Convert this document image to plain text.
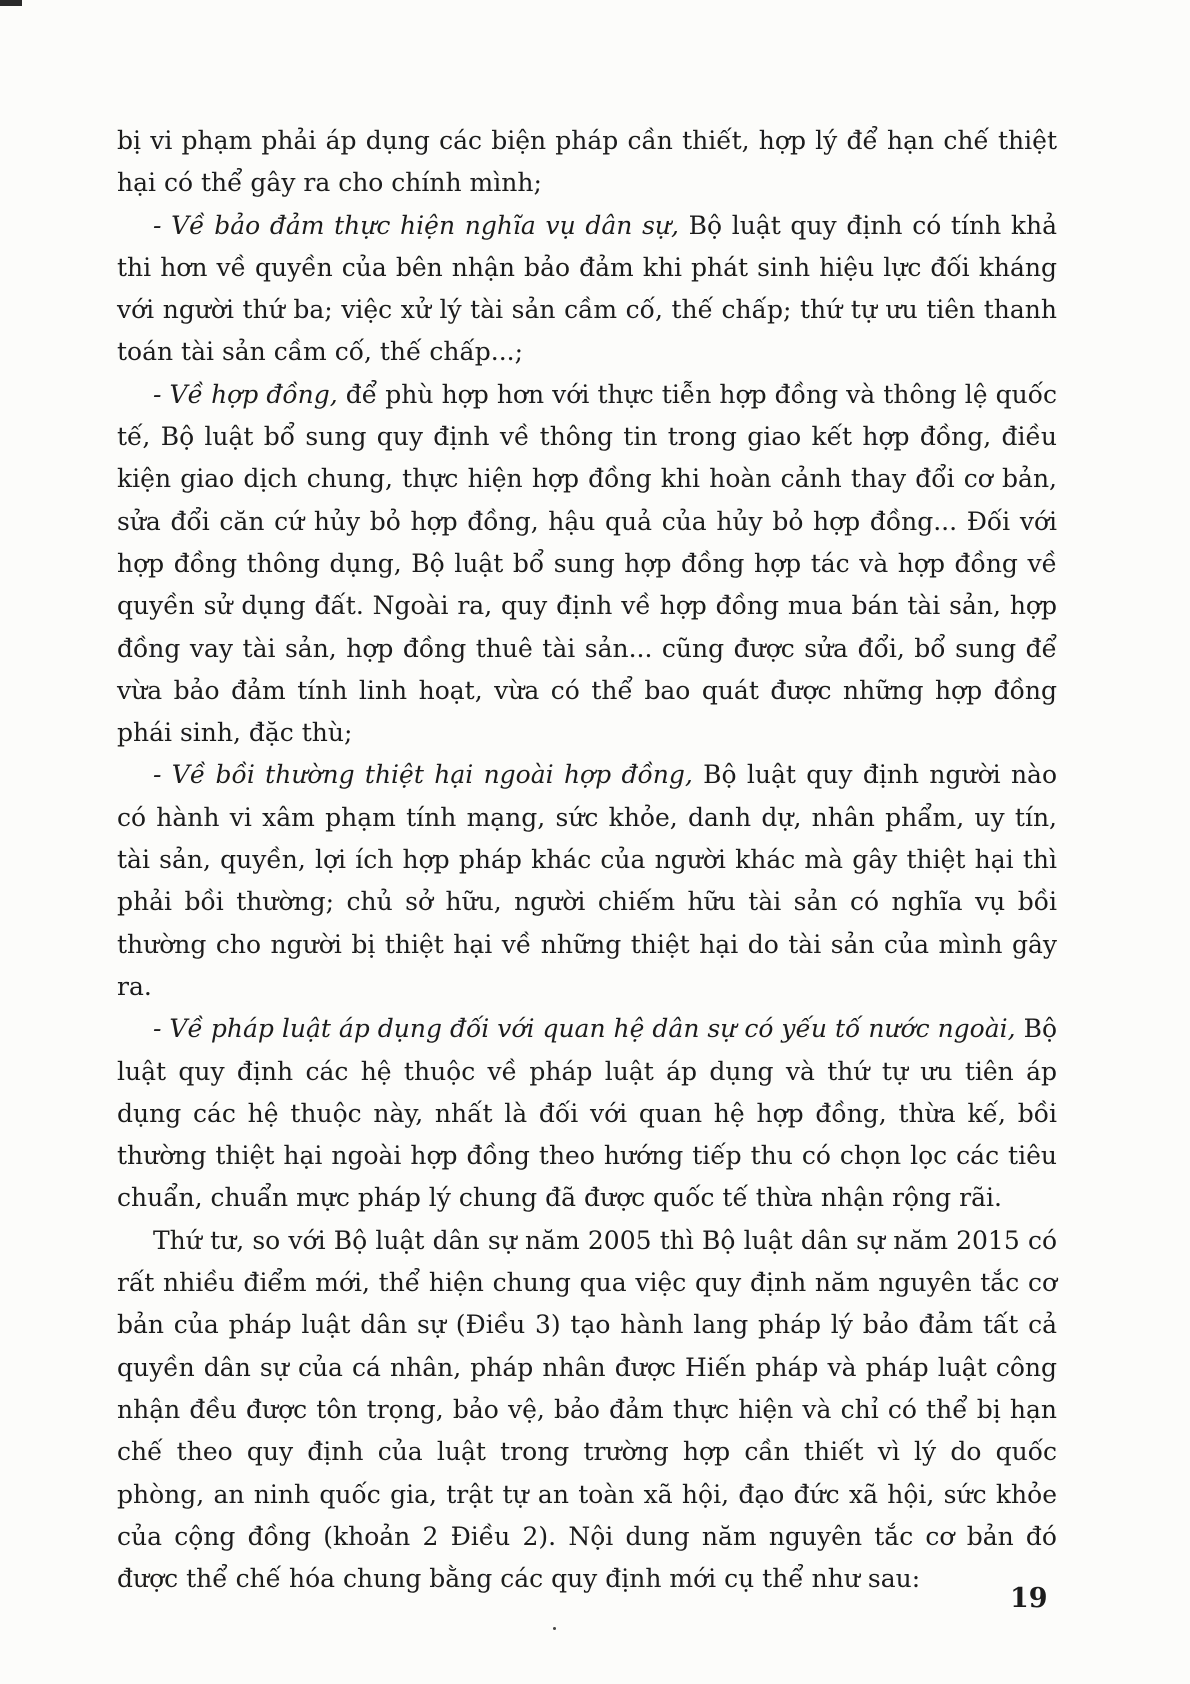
bị vi phạm phải áp dụng các biện pháp cần thiết, hợp lý để hạn chế thiệt hại có thể gây ra cho chính mình;

- Về bảo đảm thực hiện nghĩa vụ dân sự, Bộ luật quy định có tính khả thi hơn về quyền của bên nhận bảo đảm khi phát sinh hiệu lực đối kháng với người thứ ba; việc xử lý tài sản cầm cố, thế chấp; thứ tự ưu tiên thanh toán tài sản cầm cố, thế chấp...;

- Về hợp đồng, để phù hợp hơn với thực tiễn hợp đồng và thông lệ quốc tế, Bộ luật bổ sung quy định về thông tin trong giao kết hợp đồng, điều kiện giao dịch chung, thực hiện hợp đồng khi hoàn cảnh thay đổi cơ bản, sửa đổi căn cứ hủy bỏ hợp đồng, hậu quả của hủy bỏ hợp đồng... Đối với hợp đồng thông dụng, Bộ luật bổ sung hợp đồng hợp tác và hợp đồng về quyền sử dụng đất. Ngoài ra, quy định về hợp đồng mua bán tài sản, hợp đồng vay tài sản, hợp đồng thuê tài sản... cũng được sửa đổi, bổ sung để vừa bảo đảm tính linh hoạt, vừa có thể bao quát được những hợp đồng phái sinh, đặc thù;

- Về bồi thường thiệt hại ngoài hợp đồng, Bộ luật quy định người nào có hành vi xâm phạm tính mạng, sức khỏe, danh dự, nhân phẩm, uy tín, tài sản, quyền, lợi ích hợp pháp khác của người khác mà gây thiệt hại thì phải bồi thường; chủ sở hữu, người chiếm hữu tài sản có nghĩa vụ bồi thường cho người bị thiệt hại về những thiệt hại do tài sản của mình gây ra.

- Về pháp luật áp dụng đối với quan hệ dân sự có yếu tố nước ngoài, Bộ luật quy định các hệ thuộc về pháp luật áp dụng và thứ tự ưu tiên áp dụng các hệ thuộc này, nhất là đối với quan hệ hợp đồng, thừa kế, bồi thường thiệt hại ngoài hợp đồng theo hướng tiếp thu có chọn lọc các tiêu chuẩn, chuẩn mực pháp lý chung đã được quốc tế thừa nhận rộng rãi.

Thứ tư, so với Bộ luật dân sự năm 2005 thì Bộ luật dân sự năm 2015 có rất nhiều điểm mới, thể hiện chung qua việc quy định năm nguyên tắc cơ bản của pháp luật dân sự (Điều 3) tạo hành lang pháp lý bảo đảm tất cả quyền dân sự của cá nhân, pháp nhân được Hiến pháp và pháp luật công nhận đều được tôn trọng, bảo vệ, bảo đảm thực hiện và chỉ có thể bị hạn chế theo quy định của luật trong trường hợp cần thiết vì lý do quốc phòng, an ninh quốc gia, trật tự an toàn xã hội, đạo đức xã hội, sức khỏe của cộng đồng (khoản 2 Điều 2). Nội dung năm nguyên tắc cơ bản đó được thể chế hóa chung bằng các quy định mới cụ thể như sau:

19
